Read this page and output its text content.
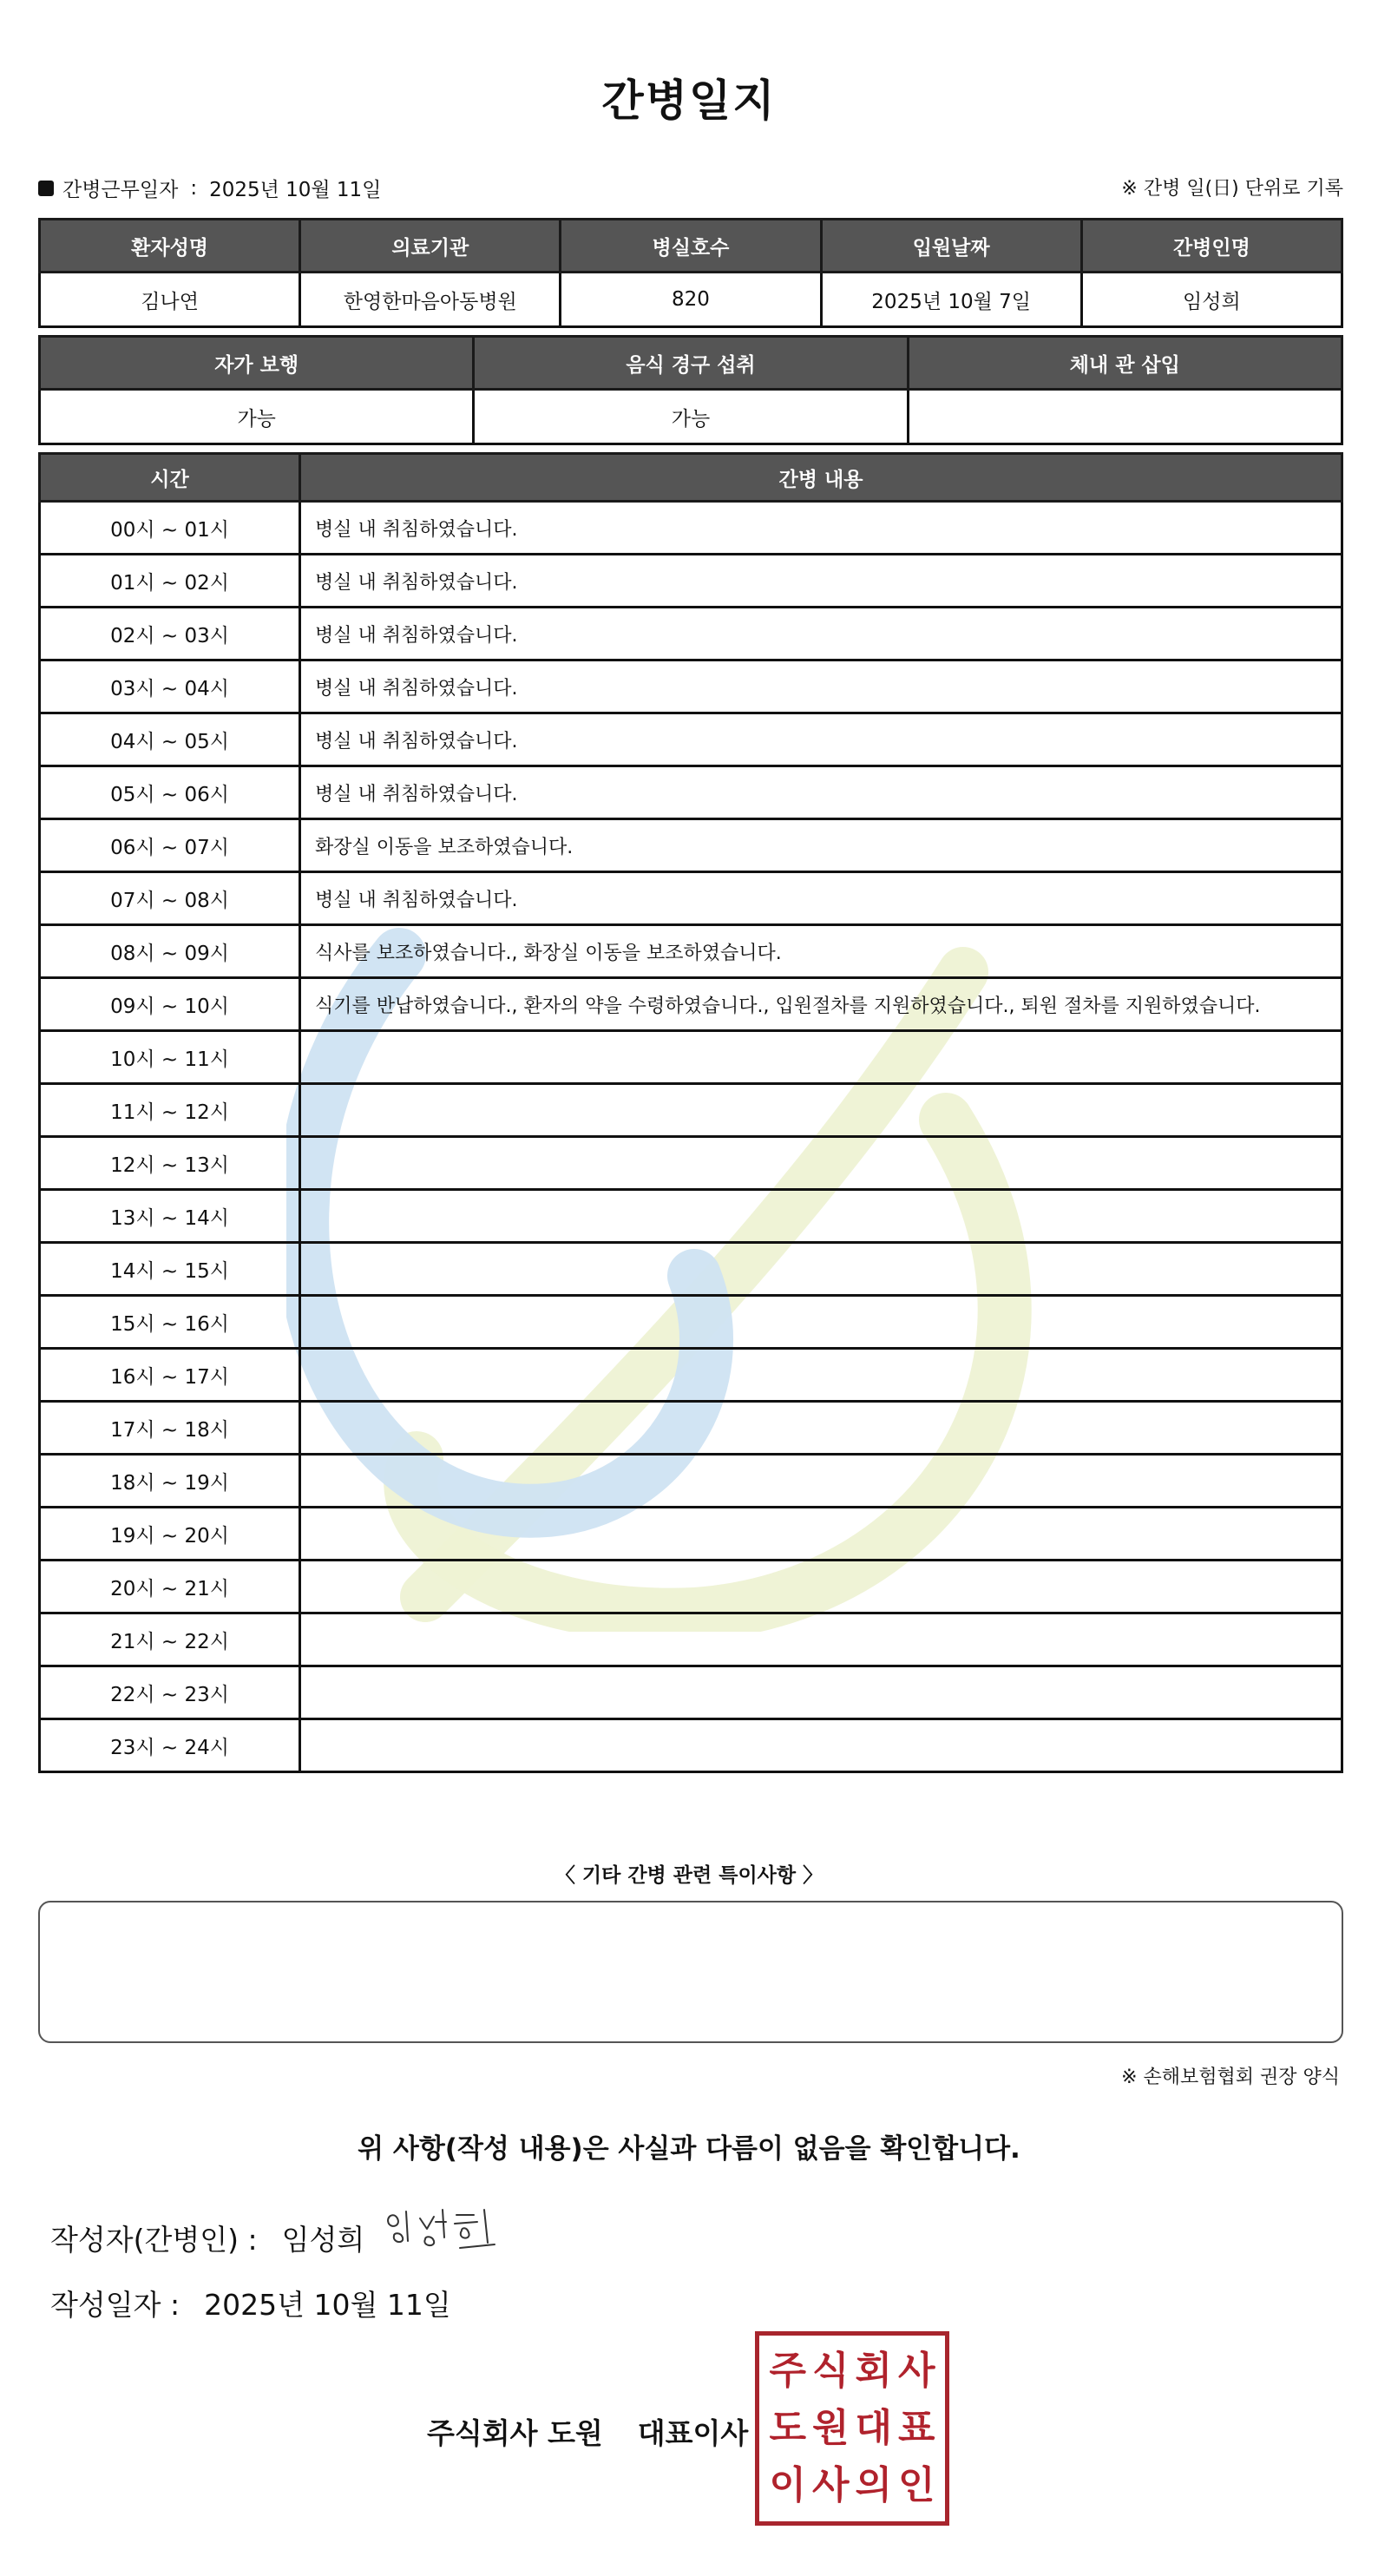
간병일지
간병근무일자 : 2025년 10월 11일	※ 간병 일(日) 단위로 기록
환자성명	의료기관	병실호수	입원날짜	간병인명
김나연	한영한마음아동병원	820	2025년 10월 7일	임성희
자가 보행	음식 경구 섭취	체내 관 삽입
가능	가능	
시간	간병 내용
00시 ~ 01시	병실 내 취침하였습니다.
01시 ~ 02시	병실 내 취침하였습니다.
02시 ~ 03시	병실 내 취침하였습니다.
03시 ~ 04시	병실 내 취침하였습니다.
04시 ~ 05시	병실 내 취침하였습니다.
05시 ~ 06시	병실 내 취침하였습니다.
06시 ~ 07시	화장실 이동을 보조하였습니다.
07시 ~ 08시	병실 내 취침하였습니다.
08시 ~ 09시	식사를 보조하였습니다., 화장실 이동을 보조하였습니다.
09시 ~ 10시	식기를 반납하였습니다., 환자의 약을 수령하였습니다., 입원절차를 지원하였습니다., 퇴원 절차를 지원하였습니다.
10시 ~ 11시	
11시 ~ 12시	
12시 ~ 13시	
13시 ~ 14시	
14시 ~ 15시	
15시 ~ 16시	
16시 ~ 17시	
17시 ~ 18시	
18시 ~ 19시	
19시 ~ 20시	
20시 ~ 21시	
21시 ~ 22시	
22시 ~ 23시	
23시 ~ 24시	
〈 기타 간병 관련 특이사항 〉
※ 손해보험협회 권장 양식
위 사항(작성 내용)은 사실과 다름이 없음을 확인합니다.
작성자(간병인) : 임성희
작성일자 : 2025년 10월 11일
주식회사 도원 대표이사
주 식 회 사
도 원 대 표
이 사 의 인
